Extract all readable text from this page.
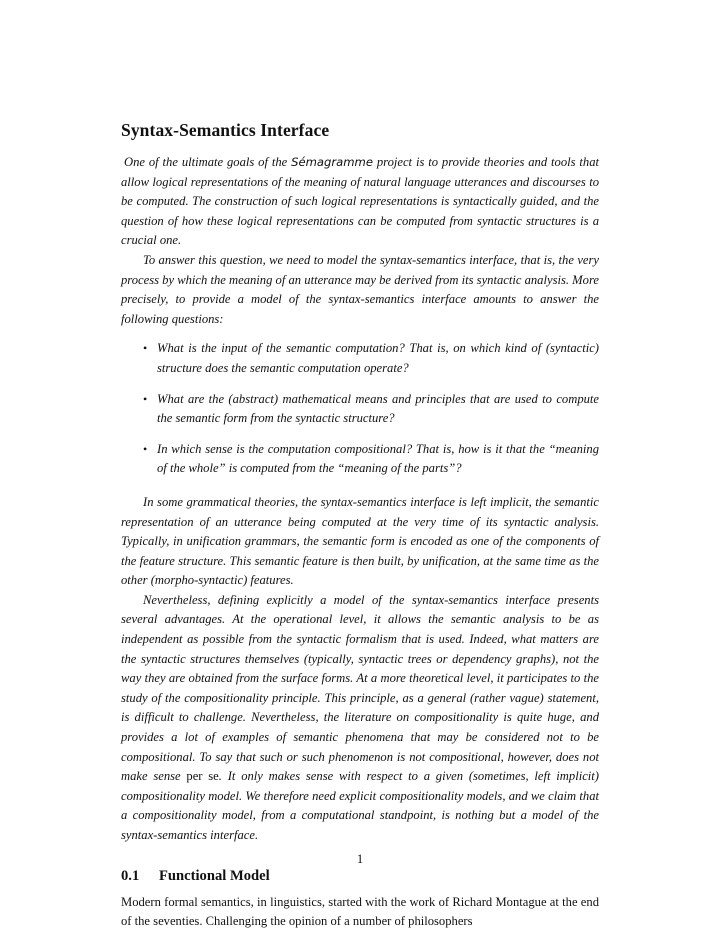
Syntax-Semantics Interface

One of the ultimate goals of the Sémagramme project is to provide theories and tools that allow logical representations of the meaning of natural language utterances and discourses to be computed. The construction of such logical representations is syntactically guided, and the question of how these logical representations can be computed from syntactic structures is a crucial one.

To answer this question, we need to model the syntax-semantics interface, that is, the very process by which the meaning of an utterance may be derived from its syntactic analysis. More precisely, to provide a model of the syntax-semantics interface amounts to answer the following questions:

• What is the input of the semantic computation? That is, on which kind of (syntactic) structure does the semantic computation operate?
• What are the (abstract) mathematical means and principles that are used to compute the semantic form from the syntactic structure?
• In which sense is the computation compositional? That is, how is it that the “meaning of the whole” is computed from the “meaning of the parts”?

In some grammatical theories, the syntax-semantics interface is left implicit, the semantic representation of an utterance being computed at the very time of its syntactic analysis. Typically, in unification grammars, the semantic form is encoded as one of the components of the feature structure. This semantic feature is then built, by unification, at the same time as the other (morpho-syntactic) features.

Nevertheless, defining explicitly a model of the syntax-semantics interface presents several advantages. At the operational level, it allows the semantic analysis to be as independent as possible from the syntactic formalism that is used. Indeed, what matters are the syntactic structures themselves (typically, syntactic trees or dependency graphs), not the way they are obtained from the surface forms. At a more theoretical level, it participates to the study of the compositionality principle. This principle, as a general (rather vague) statement, is difficult to challenge. Nevertheless, the literature on compositionality is quite huge, and provides a lot of examples of semantic phenomena that may be considered not to be compositional. To say that such or such phenomenon is not compositional, however, does not make sense per se. It only makes sense with respect to a given (sometimes, left implicit) compositionality model. We therefore need explicit compositionality models, and we claim that a compositionality model, from a computational standpoint, is nothing but a model of the syntax-semantics interface.

0.1 Functional Model

Modern formal semantics, in linguistics, started with the work of Richard Montague at the end of the seventies. Challenging the opinion of a number of philosophers

1
